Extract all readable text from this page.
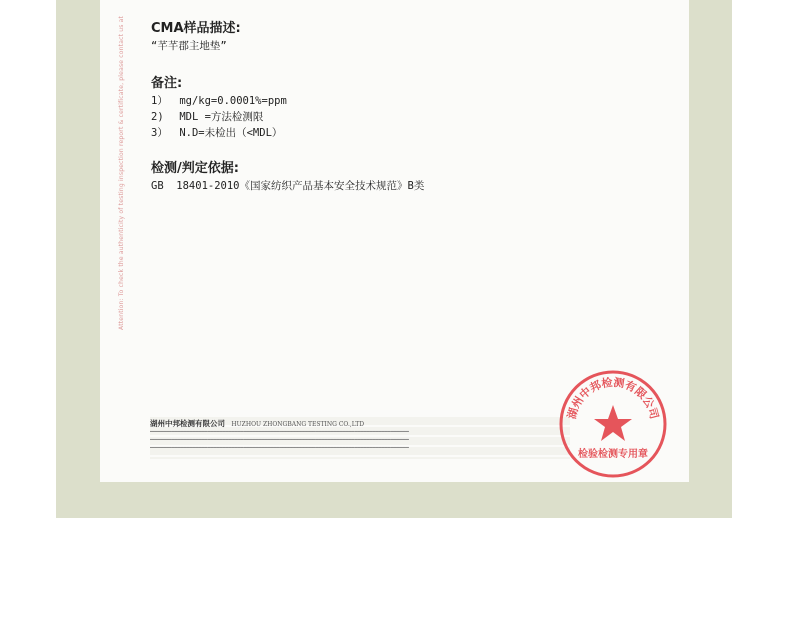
Attention: To check the authenticity of testing inspection report & certificate, please contact us at	CMA样品描述:
“芊芊郡主地垫”
备注:
1） mg/kg=0.0001%=ppm
2) MDL =方法检测限
3） N.D=未检出（<MDL）
检测/判定依据:
GB  18401-2010《国家纺织产品基本安全技术规范》B类
湖州中邦检测有限公司 HUZHOU ZHONGBANG TESTING CO.,LTD
━━━━━━━━━━━━━━━━━━━━━━━━━━━━━━━━━━━━━━━━━━━━━━━━━━━━━━━━━━━━━━━━━━━━━━━━━━━━━━━━━━━━━━
━━━━━━━━━━━━━━━━━━━━━━━━━━━━━━━━━━━━━━━━━━━━━━━━━━━━━━━━━━━━━━━━━━━━━━━━━━━━━━━━━━━━━━
━━━━━━━━━━━━━━━━━━━━━━━━━━━━━━━━━━━━━━━━━━━━━━━━━━━━━━━━━━━━━━━━━━━━━━━━━━━━━━━━━━━━━━
湖州中邦检测有限公司
检验检测专用章
